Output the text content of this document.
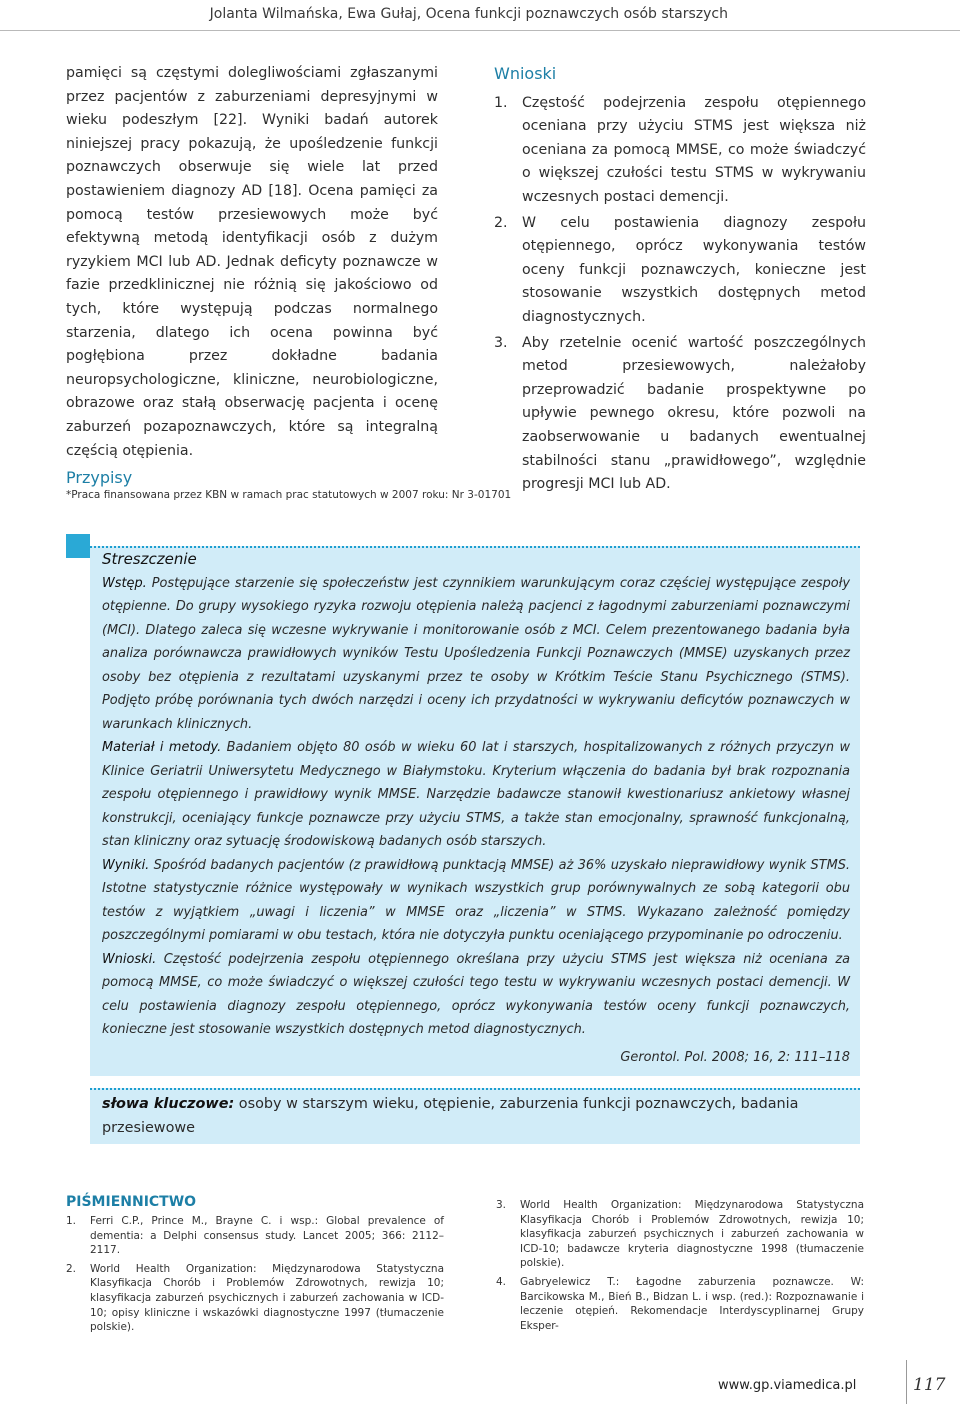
Jolanta Wilmańska, Ewa Gułaj, Ocena funkcji poznawczych osób starszych

pamięci są częstymi dolegliwościami zgłaszanymi przez pacjentów z zaburzeniami depresyjnymi w wieku podeszłym [22]. Wyniki badań autorek niniejszej pracy pokazują, że upośledzenie funkcji poznawczych obserwuje się wiele lat przed postawieniem diagnozy AD [18]. Ocena pamięci za pomocą testów przesiewowych może być efektywną metodą identyfikacji osób z dużym ryzykiem MCI lub AD. Jednak deficyty poznawcze w fazie przedklinicznej nie różnią się jakościowo od tych, które występują podczas normalnego starzenia, dlatego ich ocena powinna być pogłębiona przez dokładne badania neuropsychologiczne, kliniczne, neurobiologiczne, obrazowe oraz stałą obserwację pacjenta i ocenę zaburzeń pozapoznawczych, które są integralną częścią otępienia.

Wnioski
1. Częstość podejrzenia zespołu otępiennego oceniana przy użyciu STMS jest większa niż oceniana za pomocą MMSE, co może świadczyć o większej czułości testu STMS w wykrywaniu wczesnych postaci demencji.
2. W celu postawienia diagnozy zespołu otępiennego, oprócz wykonywania testów oceny funkcji poznawczych, konieczne jest stosowanie wszystkich dostępnych metod diagnostycznych.
3. Aby rzetelnie ocenić wartość poszczególnych metod przesiewowych, należałoby przeprowadzić badanie prospektywne po upływie pewnego okresu, które pozwoli na zaobserwowanie u badanych ewentualnej stabilności stanu „prawidłowego”, względnie progresji MCI lub AD.
Przypisy
*Praca finansowana przez KBN w ramach prac statutowych w 2007 roku: Nr 3-01701

Streszczenie

Wstęp. Postępujące starzenie się społeczeństw jest czynnikiem warunkującym coraz częściej występujące zespoły otępienne. Do grupy wysokiego ryzyka rozwoju otępienia należą pacjenci z łagodnymi zaburzeniami poznawczymi (MCI). Dlatego zaleca się wczesne wykrywanie i monitorowanie osób z MCI. Celem prezentowanego badania była analiza porównawcza prawidłowych wyników Testu Upośledzenia Funkcji Poznawczych (MMSE) uzyskanych przez osoby bez otępienia z rezultatami uzyskanymi przez te osoby w Krótkim Teście Stanu Psychicznego (STMS). Podjęto próbę porównania tych dwóch narzędzi i oceny ich przydatności w wykrywaniu deficytów poznawczych w warunkach klinicznych.

Materiał i metody. Badaniem objęto 80 osób w wieku 60 lat i starszych, hospitalizowanych z różnych przyczyn w Klinice Geriatrii Uniwersytetu Medycznego w Białymstoku. Kryterium włączenia do badania był brak rozpoznania zespołu otępiennego i prawidłowy wynik MMSE. Narzędzie badawcze stanowił kwestionariusz ankietowy własnej konstrukcji, oceniający funkcje poznawcze przy użyciu STMS, a także stan emocjonalny, sprawność funkcjonalną, stan kliniczny oraz sytuację środowiskową badanych osób starszych.

Wyniki. Spośród badanych pacjentów (z prawidłową punktacją MMSE) aż 36% uzyskało nieprawidłowy wynik STMS. Istotne statystycznie różnice występowały w wynikach wszystkich grup porównywalnych ze sobą kategorii obu testów z wyjątkiem „uwagi i liczenia” w MMSE oraz „liczenia” w STMS. Wykazano zależność pomiędzy poszczególnymi pomiarami w obu testach, która nie dotyczyła punktu oceniającego przypominanie po odroczeniu.

Wnioski. Częstość podejrzenia zespołu otępiennego określana przy użyciu STMS jest większa niż oceniana za pomocą MMSE, co może świadczyć o większej czułości tego testu w wykrywaniu wczesnych postaci demencji. W celu postawienia diagnozy zespołu otępiennego, oprócz wykonywania testów oceny funkcji poznawczych, konieczne jest stosowanie wszystkich dostępnych metod diagnostycznych.

Gerontol. Pol. 2008; 16, 2: 111–118

słowa kluczowe: osoby w starszym wieku, otępienie, zaburzenia funkcji poznawczych, badania przesiewowe
PIŚMIENNICTWO
1. Ferri C.P., Prince M., Brayne C. i wsp.: Global prevalence of dementia: a Delphi consensus study. Lancet 2005; 366: 2112–2117.
2. World Health Organization: Międzynarodowa Statystyczna Klasyfikacja Chorób i Problemów Zdrowotnych, rewizja 10; klasyfikacja zaburzeń psychicznych i zaburzeń zachowania w ICD-10; opisy kliniczne i wskazówki diagnostyczne 1997 (tłumaczenie polskie).
3. World Health Organization: Międzynarodowa Statystyczna Klasyfikacja Chorób i Problemów Zdrowotnych, rewizja 10; klasyfikacja zaburzeń psychicznych i zaburzeń zachowania w ICD-10; badawcze kryteria diagnostyczne 1998 (tłumaczenie polskie).
4. Gabryelewicz T.: Łagodne zaburzenia poznawcze. W: Barcikowska M., Bień B., Bidzan L. i wsp. (red.): Rozpoznawanie i leczenie otępień. Rekomendacje Interdyscyplinarnej Grupy Eksper-
www.gp.viamedica.pl	117
